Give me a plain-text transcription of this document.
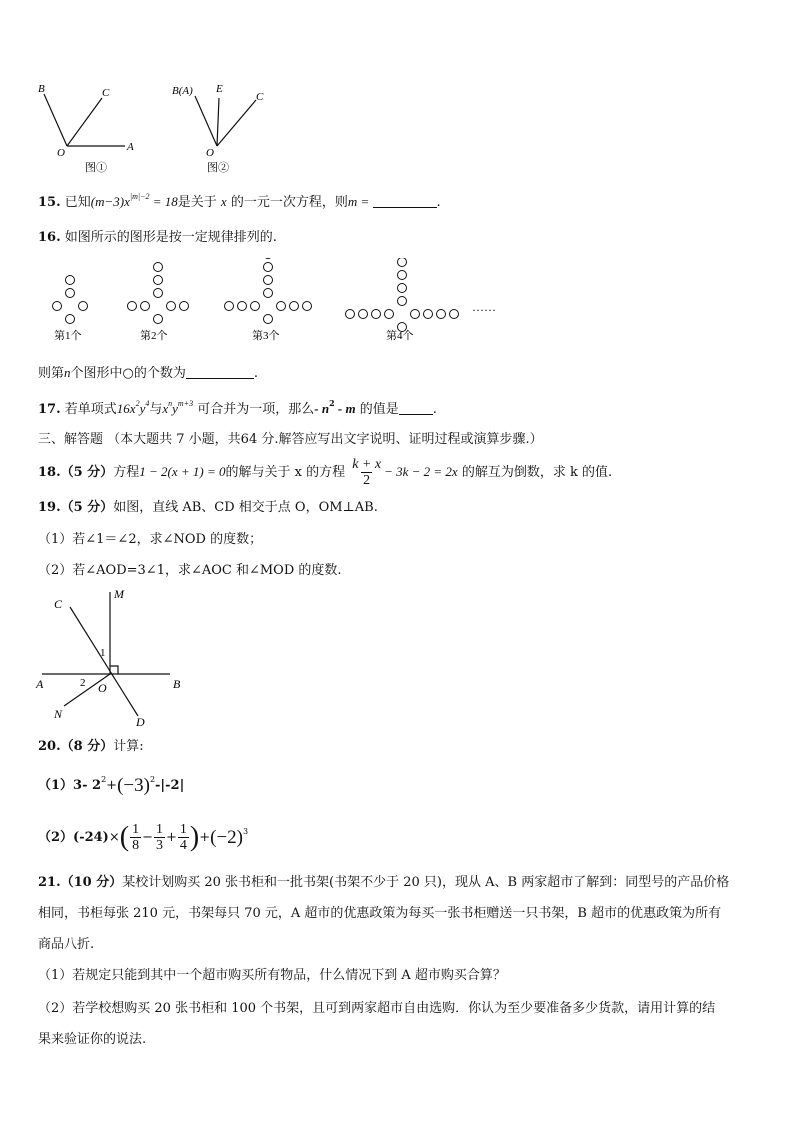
B	C
O	A
图①
B(A) E
C
O
图②
15. 已知$(m-3)x^{|m|-2} = 18$是关于 x 的一元一次方程，则m =	.
16. 如图所示的图形是按一定规律排列的.
第1个	第2个	第3个	第4个
……
则第n个图形中○的个数为	.
17. 若单项式$16x^2y^4$与$x^ny^{m+3}$ 可合并为一项，那么- $n^2$ - m 的值是	.
三、解答题 （本大题共 7 小题，共64 分.解答应写出文字说明、证明过程或演算步骤.）
18.（5 分）方程1 − 2(x + 1) = 0的解与关于 x 的方程 $\frac{k + x}{2} - 3k - 2 = 2x$ 的解互为倒数，求 k 的值.
19.（5 分）如图，直线 AB、CD 相交于点 O，OM⊥AB.
（1）若∠1＝∠2，求∠NOD 的度数；
（2）若∠AOD=3∠1，求∠AOC 和∠MOD 的度数.
C
M
1
2
A	O	B
N
D
20.（8 分）计算:
（1）3- $2^2+(-3)^2-|-2|$
$(2)(-24)\times( \frac{1}{8} - \frac{1}{3} + \frac{1}{4} )+(-2)^3$
21.（10 分）某校计划购买 20 张书柜和一批书架(书架不少于 20 只)，现从 A、B 两家超市了解到：同型号的产品价格
相同，书柜每张 210 元，书架每只 70 元，A 超市的优惠政策为每买一张书柜赠送一只书架，B 超市的优惠政策为所有
商品八折.
（1）若规定只能到其中一个超市购买所有物品，什么情况下到 A 超市购买合算？
（2）若学校想购买 20 张书柜和 100 个书架，且可到两家超市自由选购．你认为至少要准备多少货款，请用计算的结
果来验证你的说法.
